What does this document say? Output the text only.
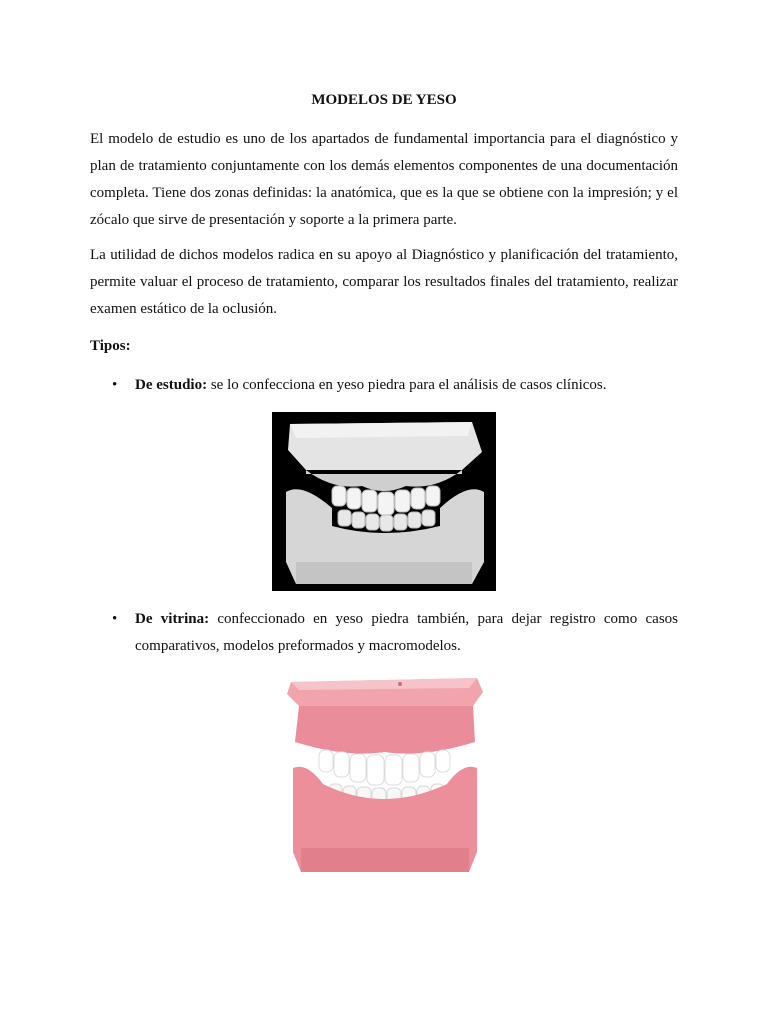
MODELOS DE YESO

El modelo de estudio es uno de los apartados de fundamental importancia para el diagnóstico y plan de tratamiento conjuntamente con los demás elementos componentes de una documentación completa. Tiene dos zonas definidas: la anatómica, que es la que se obtiene con la impresión; y el zócalo que sirve de presentación y soporte a la primera parte.

La utilidad de dichos modelos radica en su apoyo al Diagnóstico y planificación del tratamiento, permite valuar el proceso de tratamiento, comparar los resultados finales del tratamiento, realizar examen estático de la oclusión.

Tipos:
• De estudio: se lo confecciona en yeso piedra para el análisis de casos clínicos.
• De vitrina: confeccionado en yeso piedra también, para dejar registro como casos comparativos, modelos preformados y macromodelos.
